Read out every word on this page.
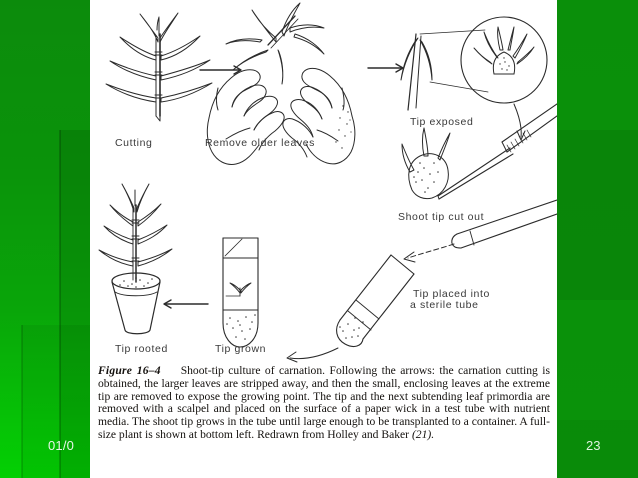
01/0
Cutting	Remove older leaves
Tip exposed
Shoot tip cut out
Tip placed into
a sterile tube
Tip rooted	Tip grown
Figure 16–4 Shoot-tip culture of carnation. Following the arrows: the carnation cutting is obtained, the larger leaves are stripped away, and then the small, enclosing leaves at the extreme tip are removed to expose the growing point. The tip and the next subtending leaf primordia are removed with a scalpel and placed on the surface of a paper wick in a test tube with nutrient media. The shoot tip grows in the tube until large enough to be transplanted to a container. A full-size plant is shown at bottom left. Redrawn from Holley and Baker (21).
23
